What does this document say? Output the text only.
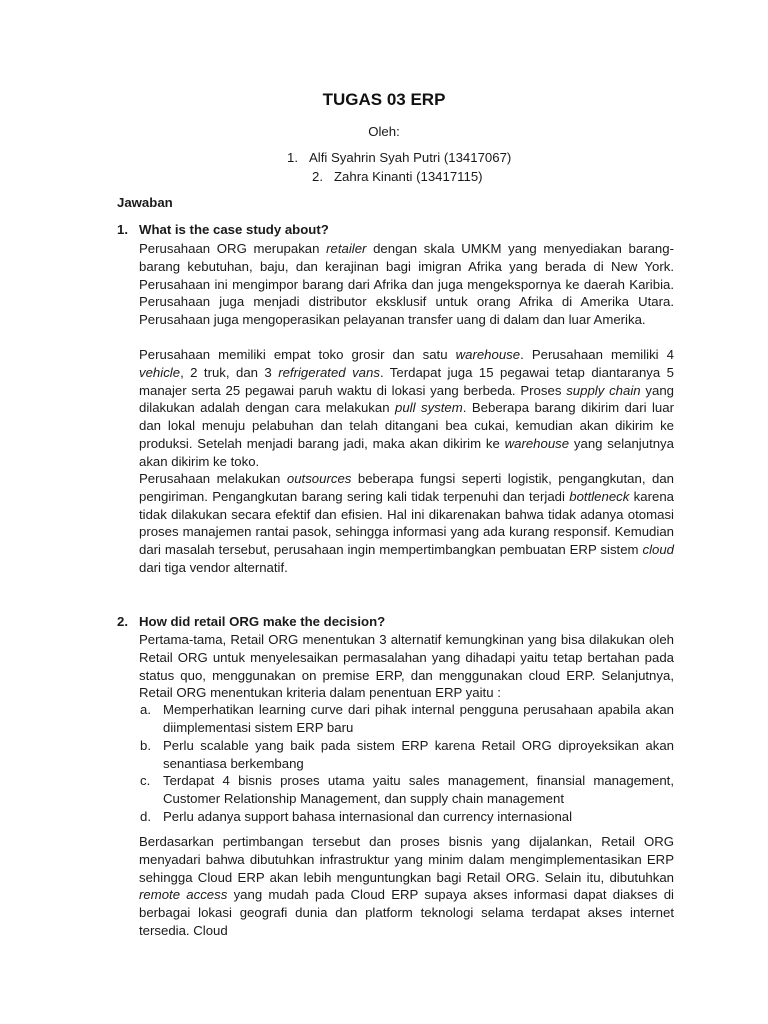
TUGAS 03 ERP
Oleh:
1. Alfi Syahrin Syah Putri (13417067)
2. Zahra Kinanti (13417115)
Jawaban
1. What is the case study about?

Perusahaan ORG merupakan retailer dengan skala UMKM yang menyediakan barang-barang kebutuhan, baju, dan kerajinan bagi imigran Afrika yang berada di New York. Perusahaan ini mengimpor barang dari Afrika dan juga mengekspornya ke daerah Karibia. Perusahaan juga menjadi distributor eksklusif untuk orang Afrika di Amerika Utara. Perusahaan juga mengoperasikan pelayanan transfer uang di dalam dan luar Amerika.

Perusahaan memiliki empat toko grosir dan satu warehouse. Perusahaan memiliki 4 vehicle, 2 truk, dan 3 refrigerated vans. Terdapat juga 15 pegawai tetap diantaranya 5 manajer serta 25 pegawai paruh waktu di lokasi yang berbeda. Proses supply chain yang dilakukan adalah dengan cara melakukan pull system. Beberapa barang dikirim dari luar dan lokal menuju pelabuhan dan telah ditangani bea cukai, kemudian akan dikirim ke produksi. Setelah menjadi barang jadi, maka akan dikirim ke warehouse yang selanjutnya akan dikirim ke toko.

Perusahaan melakukan outsources beberapa fungsi seperti logistik, pengangkutan, dan pengiriman. Pengangkutan barang sering kali tidak terpenuhi dan terjadi bottleneck karena tidak dilakukan secara efektif dan efisien. Hal ini dikarenakan bahwa tidak adanya otomasi proses manajemen rantai pasok, sehingga informasi yang ada kurang responsif. Kemudian dari masalah tersebut, perusahaan ingin mempertimbangkan pembuatan ERP sistem cloud dari tiga vendor alternatif.

2. How did retail ORG make the decision?

Pertama-tama, Retail ORG menentukan 3 alternatif kemungkinan yang bisa dilakukan oleh Retail ORG untuk menyelesaikan permasalahan yang dihadapi yaitu tetap bertahan pada status quo, menggunakan on premise ERP, dan menggunakan cloud ERP. Selanjutnya, Retail ORG menentukan kriteria dalam penentuan ERP yaitu :

a. Memperhatikan learning curve dari pihak internal pengguna perusahaan apabila akan diimplementasi sistem ERP baru
b. Perlu scalable yang baik pada sistem ERP karena Retail ORG diproyeksikan akan senantiasa berkembang
c. Terdapat 4 bisnis proses utama yaitu sales management, finansial management, Customer Relationship Management, dan supply chain management
d. Perlu adanya support bahasa internasional dan currency internasional

Berdasarkan pertimbangan tersebut dan proses bisnis yang dijalankan, Retail ORG menyadari bahwa dibutuhkan infrastruktur yang minim dalam mengimplementasikan ERP sehingga Cloud ERP akan lebih menguntungkan bagi Retail ORG. Selain itu, dibutuhkan remote access yang mudah pada Cloud ERP supaya akses informasi dapat diakses di berbagai lokasi geografi dunia dan platform teknologi selama terdapat akses internet tersedia. Cloud
